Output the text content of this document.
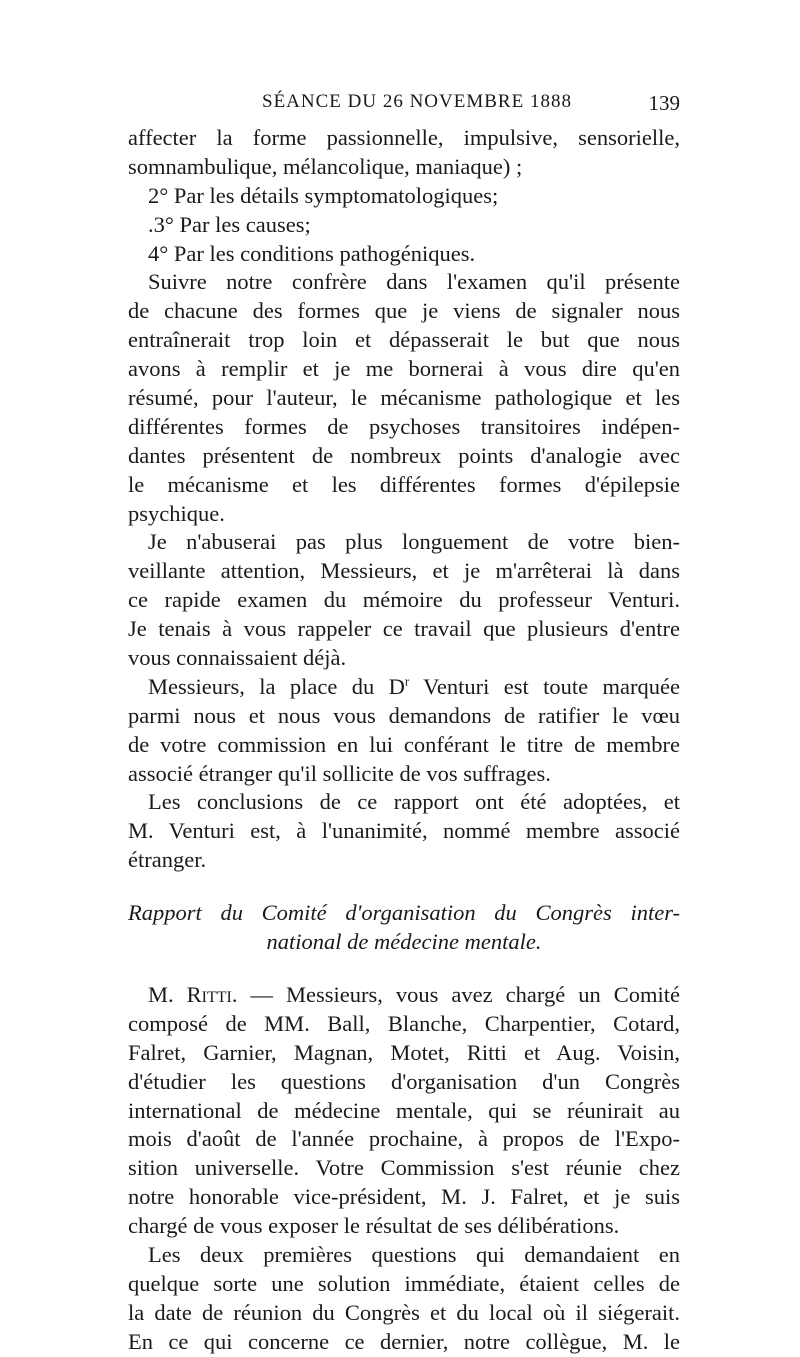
SÉANCE DU 26 NOVEMBRE 1888	139
affecter la forme passionnelle, impulsive, sensorielle,
somnambulique, mélancolique, maniaque) ;
2° Par les détails symptomatologiques;
.3° Par les causes;
4° Par les conditions pathogéniques.
Suivre notre confrère dans l'examen qu'il présente
de chacune des formes que je viens de signaler nous
entraînerait trop loin et dépasserait le but que nous
avons à remplir et je me bornerai à vous dire qu'en
résumé, pour l'auteur, le mécanisme pathologique et les
différentes formes de psychoses transitoires indépen-
dantes présentent de nombreux points d'analogie avec
le mécanisme et les différentes formes d'épilepsie
psychique.
Je n'abuserai pas plus longuement de votre bien-
veillante attention, Messieurs, et je m'arrêterai là dans
ce rapide examen du mémoire du professeur Venturi.
Je tenais à vous rappeler ce travail que plusieurs d'entre
vous connaissaient déjà.
Messieurs, la place du $D^r$ Venturi est toute marquée
parmi nous et nous vous demandons de ratifier le vœu
de votre commission en lui conférant le titre de membre
associé étranger qu'il sollicite de vos suffrages.
Les conclusions de ce rapport ont été adoptées, et
M. Venturi est, à l'unanimité, nommé membre associé
étranger.
Rapport du Comité d'organisation du Congrès inter-
national de médecine mentale.
M. Ritti. — Messieurs, vous avez chargé un Comité
composé de MM. Ball, Blanche, Charpentier, Cotard,
Falret, Garnier, Magnan, Motet, Ritti et Aug. Voisin,
d'étudier les questions d'organisation d'un Congrès
international de médecine mentale, qui se réunirait au
mois d'août de l'année prochaine, à propos de l'Expo-
sition universelle. Votre Commission s'est réunie chez
notre honorable vice-président, M. J. Falret, et je suis
chargé de vous exposer le résultat de ses délibérations.
Les deux premières questions qui demandaient en
quelque sorte une solution immédiate, étaient celles de
la date de réunion du Congrès et du local où il siégerait.
En ce qui concerne ce dernier, notre collègue, M. le
